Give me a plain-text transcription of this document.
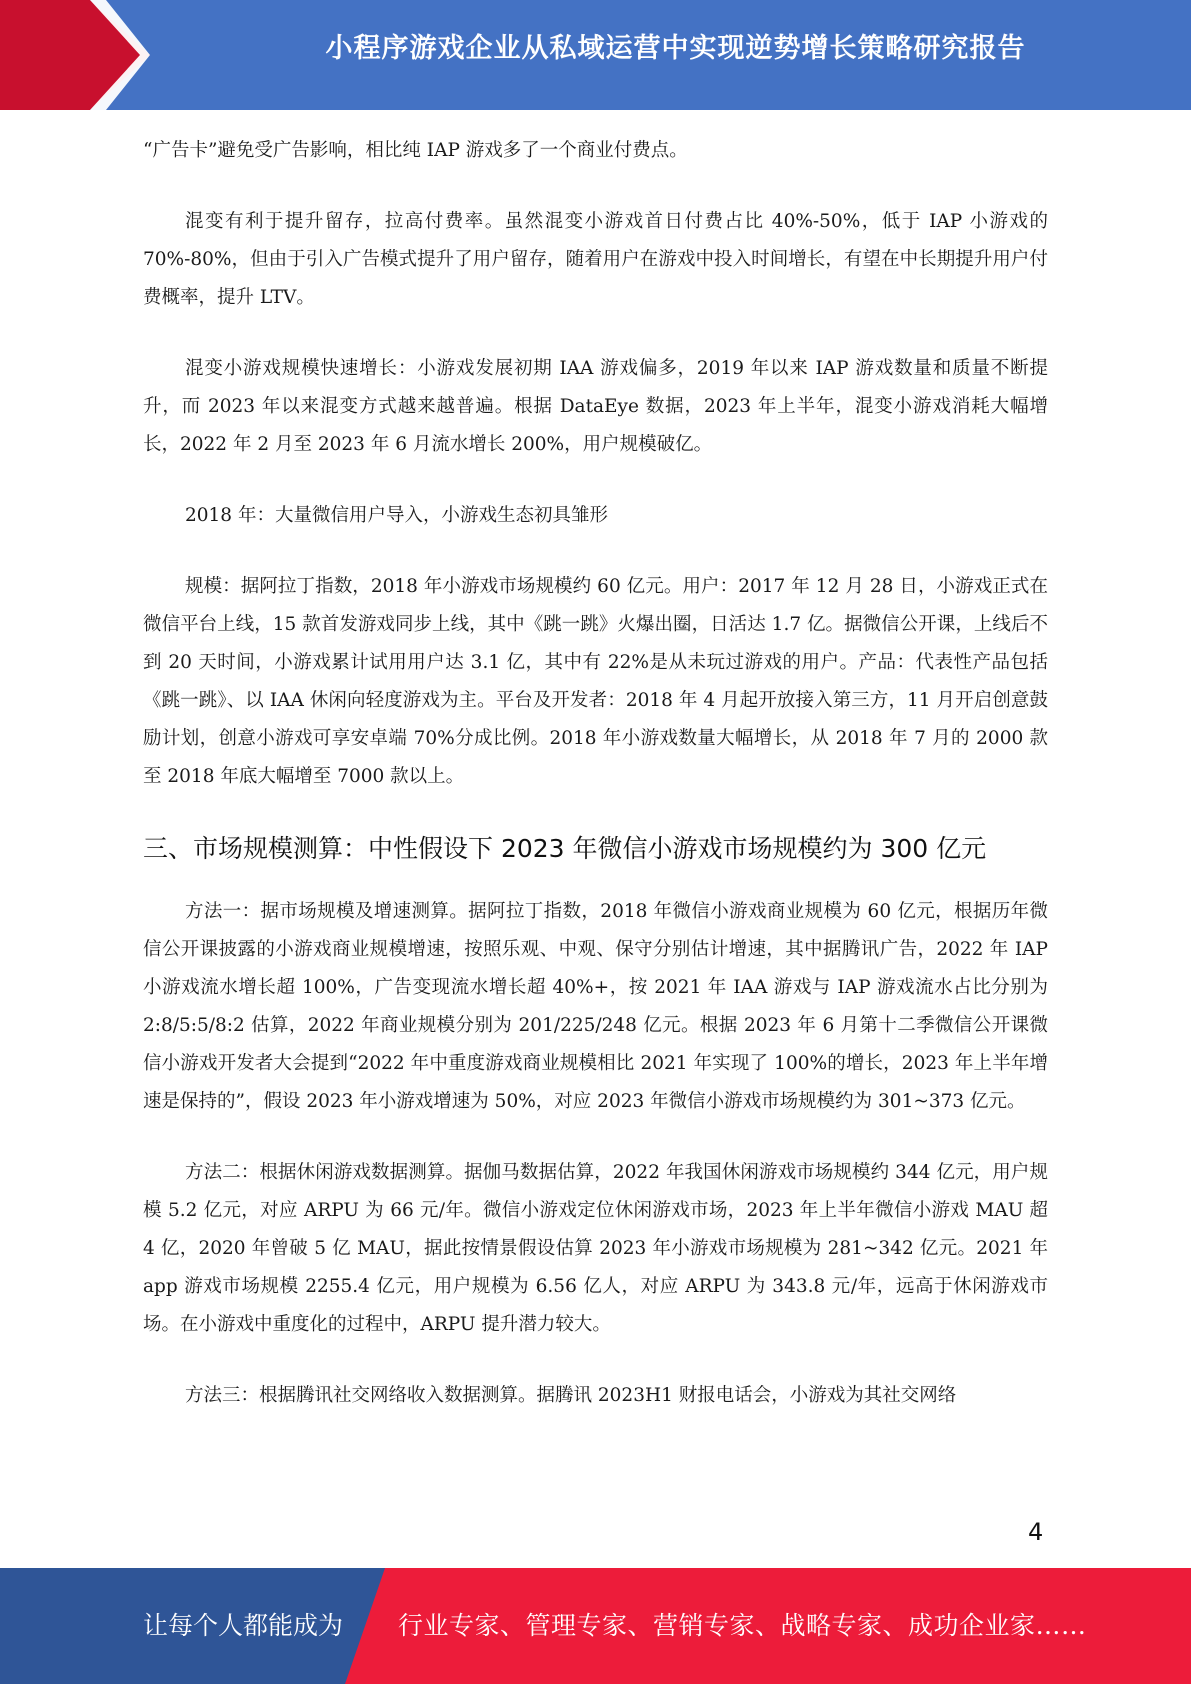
小程序游戏企业从私域运营中实现逆势增长策略研究报告

“广告卡”避免受广告影响，相比纯 IAP 游戏多了一个商业付费点。

混变有利于提升留存，拉高付费率。虽然混变小游戏首日付费占比 40%-50%，低于 IAP 小游戏的 70%-80%，但由于引入广告模式提升了用户留存，随着用户在游戏中投入时间增长，有望在中长期提升用户付费概率，提升 LTV。

混变小游戏规模快速增长：小游戏发展初期 IAA 游戏偏多，2019 年以来 IAP 游戏数量和质量不断提升，而 2023 年以来混变方式越来越普遍。根据 DataEye 数据，2023 年上半年，混变小游戏消耗大幅增长，2022 年 2 月至 2023 年 6 月流水增长 200%，用户规模破亿。

2018 年：大量微信用户导入，小游戏生态初具雏形

规模：据阿拉丁指数，2018 年小游戏市场规模约 60 亿元。用户：2017 年 12 月 28 日，小游戏正式在微信平台上线，15 款首发游戏同步上线，其中《跳一跳》火爆出圈，日活达 1.7 亿。据微信公开课，上线后不到 20 天时间，小游戏累计试用用户达 3.1 亿，其中有 22%是从未玩过游戏的用户。产品：代表性产品包括《跳一跳》、以 IAA 休闲向轻度游戏为主。平台及开发者：2018 年 4 月起开放接入第三方，11 月开启创意鼓励计划，创意小游戏可享安卓端 70%分成比例。2018 年小游戏数量大幅增长，从 2018 年 7 月的 2000 款至 2018 年底大幅增至 7000 款以上。

三、市场规模测算：中性假设下 2023 年微信小游戏市场规模约为 300 亿元

方法一：据市场规模及增速测算。据阿拉丁指数，2018 年微信小游戏商业规模为 60 亿元，根据历年微信公开课披露的小游戏商业规模增速，按照乐观、中观、保守分别估计增速，其中据腾讯广告，2022 年 IAP 小游戏流水增长超 100%，广告变现流水增长超 40%+，按 2021 年 IAA 游戏与 IAP 游戏流水占比分别为 2:8/5:5/8:2 估算，2022 年商业规模分别为 201/225/248 亿元。根据 2023 年 6 月第十二季微信公开课微信小游戏开发者大会提到“2022 年中重度游戏商业规模相比 2021 年实现了 100%的增长，2023 年上半年增速是保持的”，假设 2023 年小游戏增速为 50%，对应 2023 年微信小游戏市场规模约为 301~373 亿元。

方法二：根据休闲游戏数据测算。据伽马数据估算，2022 年我国休闲游戏市场规模约 344 亿元，用户规模 5.2 亿元，对应 ARPU 为 66 元/年。微信小游戏定位休闲游戏市场，2023 年上半年微信小游戏 MAU 超 4 亿，2020 年曾破 5 亿 MAU，据此按情景假设估算 2023 年小游戏市场规模为 281~342 亿元。2021 年 app 游戏市场规模 2255.4 亿元，用户规模为 6.56 亿人，对应 ARPU 为 343.8 元/年，远高于休闲游戏市场。在小游戏中重度化的过程中，ARPU 提升潜力较大。

方法三：根据腾讯社交网络收入数据测算。据腾讯 2023H1 财报电话会，小游戏为其社交网络

4
让每个人都能成为 行业专家、管理专家、营销专家、战略专家、成功企业家……
